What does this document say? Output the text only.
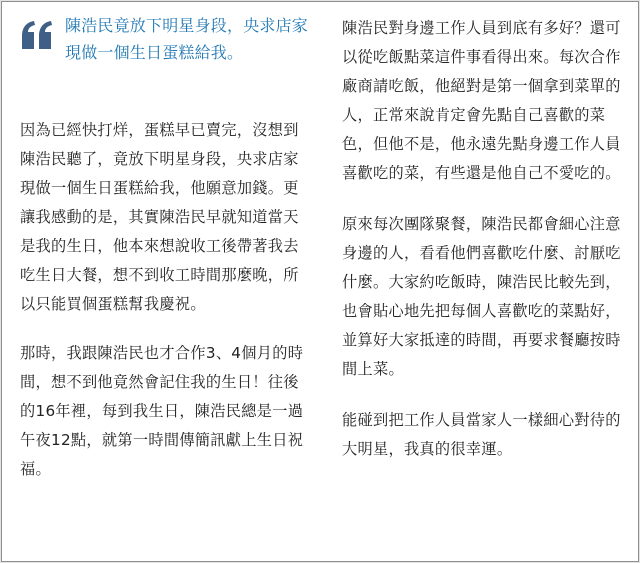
陳浩民竟放下明星身段，央求店家現做一個生日蛋糕給我。

因為已經快打烊，蛋糕早已賣完，沒想到陳浩民聽了，竟放下明星身段，央求店家現做一個生日蛋糕給我，他願意加錢。更讓我感動的是，其實陳浩民早就知道當天是我的生日，他本來想說收工後帶著我去吃生日大餐，想不到收工時間那麼晚，所以只能買個蛋糕幫我慶祝。

那時，我跟陳浩民也才合作3、4個月的時間，想不到他竟然會記住我的生日！往後的16年裡，每到我生日，陳浩民總是一過午夜12點，就第一時間傳簡訊獻上生日祝福。

陳浩民對身邊工作人員到底有多好？還可以從吃飯點菜這件事看得出來。每次合作廠商請吃飯，他絕對是第一個拿到菜單的人，正常來說肯定會先點自己喜歡的菜色，但他不是，他永遠先點身邊工作人員喜歡吃的菜，有些還是他自己不愛吃的。

原來每次團隊聚餐，陳浩民都會細心注意身邊的人，看看他們喜歡吃什麼、討厭吃什麼。大家約吃飯時，陳浩民比較先到，也會貼心地先把每個人喜歡吃的菜點好，並算好大家抵達的時間，再要求餐廳按時間上菜。

能碰到把工作人員當家人一樣細心對待的大明星，我真的很幸運。
